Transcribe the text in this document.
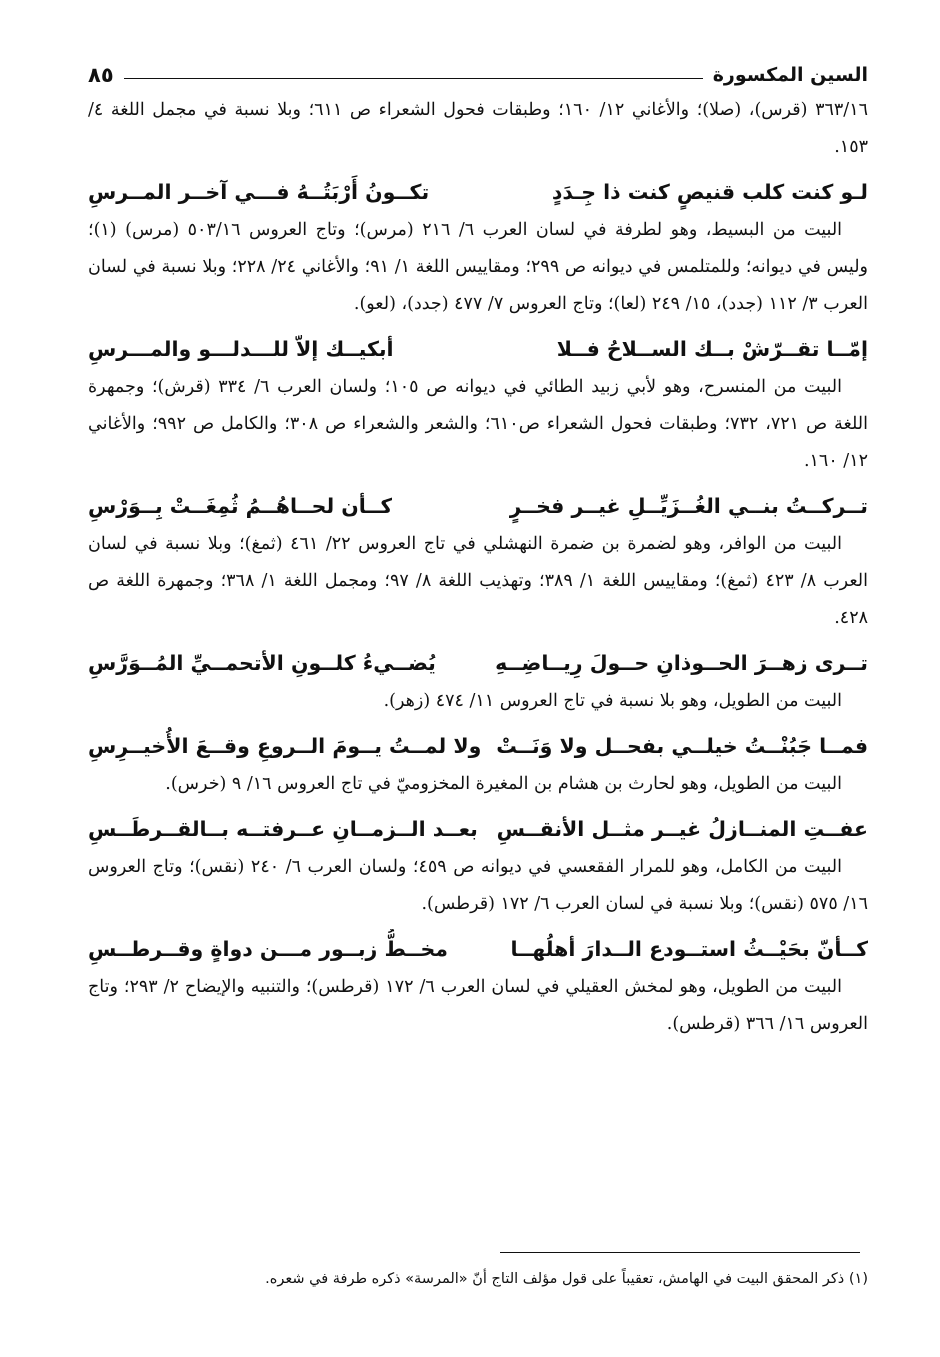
السين المكسورة
٨٥

٣٦٣/١٦ (قرس)، (صلا)؛ والأغاني ١٢/ ١٦٠؛ وطبقات فحول الشعراء ص ٦١١؛ وبلا نسبة في مجمل اللغة ٤/ ١٥٣.

لـو كنت كلب قنيصٍ كنت ذا جِـدَدٍ
تكــونُ أَرْبَتُــهُ فـــي آخــر المــرسِ

البيت من البسيط، وهو لطرفة في لسان العرب ٦/ ٢١٦ (مرس)؛ وتاج العروس ٥٠٣/١٦ (مرس) (١)؛ وليس في ديوانه؛ وللمتلمس في ديوانه ص ٢٩٩؛ ومقاييس اللغة ١/ ٩١؛ والأغاني ٢٤/ ٢٢٨؛ وبلا نسبة في لسان العرب ٣/ ١١٢ (جدد)، ١٥/ ٢٤٩ (لعا)؛ وتاج العروس ٧/ ٤٧٧ (جدد)، (لعو).

إمّــا تقــرّشْ بــك الســلاحُ فــلا
أبكيــك إلاّ للـــدلـــو والمـــرسِ

البيت من المنسرح، وهو لأبي زبيد الطائي في ديوانه ص ١٠٥؛ ولسان العرب ٦/ ٣٣٤ (قرش)؛ وجمهرة اللغة ص ٧٢١، ٧٣٢؛ وطبقات فحول الشعراء ص٦١٠؛ والشعر والشعراء ص ٣٠٨؛ والكامل ص ٩٩٢؛ والأغاني ١٢/ ١٦٠.

تــركــتُ بنــي الغُــزَيِّــلِ غيــر فخــرٍ
كــأن لحــاهُــمُ ثُمِغَــتْ بِــوَرْسِ

البيت من الوافر، وهو لضمرة بن ضمرة النهشلي في تاج العروس ٢٢/ ٤٦١ (ثمغ)؛ وبلا نسبة في لسان العرب ٨/ ٤٢٣ (ثمغ)؛ ومقاييس اللغة ١/ ٣٨٩؛ وتهذيب اللغة ٨/ ٩٧؛ ومجمل اللغة ١/ ٣٦٨؛ وجمهرة اللغة ص ٤٢٨.

تــرى زهــرَ الحــوذانِ حــولَ رِيــاضِــهِ
يُضــيءُ كلــونِ الأتحمــيِّ المُــوَرَّسِ

البيت من الطويل، وهو بلا نسبة في تاج العروس ١١/ ٤٧٤ (زهر).

فمــا جَبُنْــتُ خيلــي بفحــل ولا وَنَــتْ
ولا لمــتُ يــومَ الــروعِ وقــعَ الأُخيــرِسِ

البيت من الطويل، وهو لحارث بن هشام بن المغيرة المخزوميّ في تاج العروس ١٦/ ٩ (خرس).

عفــتِ المنــازلُ غيــر مثــل الأنقــسِ
بعــد الــزمــانِ عــرفتــه بــالقــرطَــسِ

البيت من الكامل، وهو للمرار الفقعسي في ديوانه ص ٤٥٩؛ ولسان العرب ٦/ ٢٤٠ (نقس)؛ وتاج العروس ١٦/ ٥٧٥ (نقس)؛ وبلا نسبة في لسان العرب ٦/ ١٧٢ (قرطس).

كــأنّ بحَيْــثُ استــودع الــدارَ أهلُهــا
مخــطُّ زبــور مـــن دواةٍ وقــرطــسِ

البيت من الطويل، وهو لمخش العقيلي في لسان العرب ٦/ ١٧٢ (قرطس)؛ والتنبيه والإيضاح ٢/ ٢٩٣؛ وتاج العروس ١٦/ ٣٦٦ (قرطس).

(١) ذكر المحقق البيت في الهامش، تعقيباً على قول مؤلف التاج أنّ «المرسة» ذكره طرفة في شعره.
